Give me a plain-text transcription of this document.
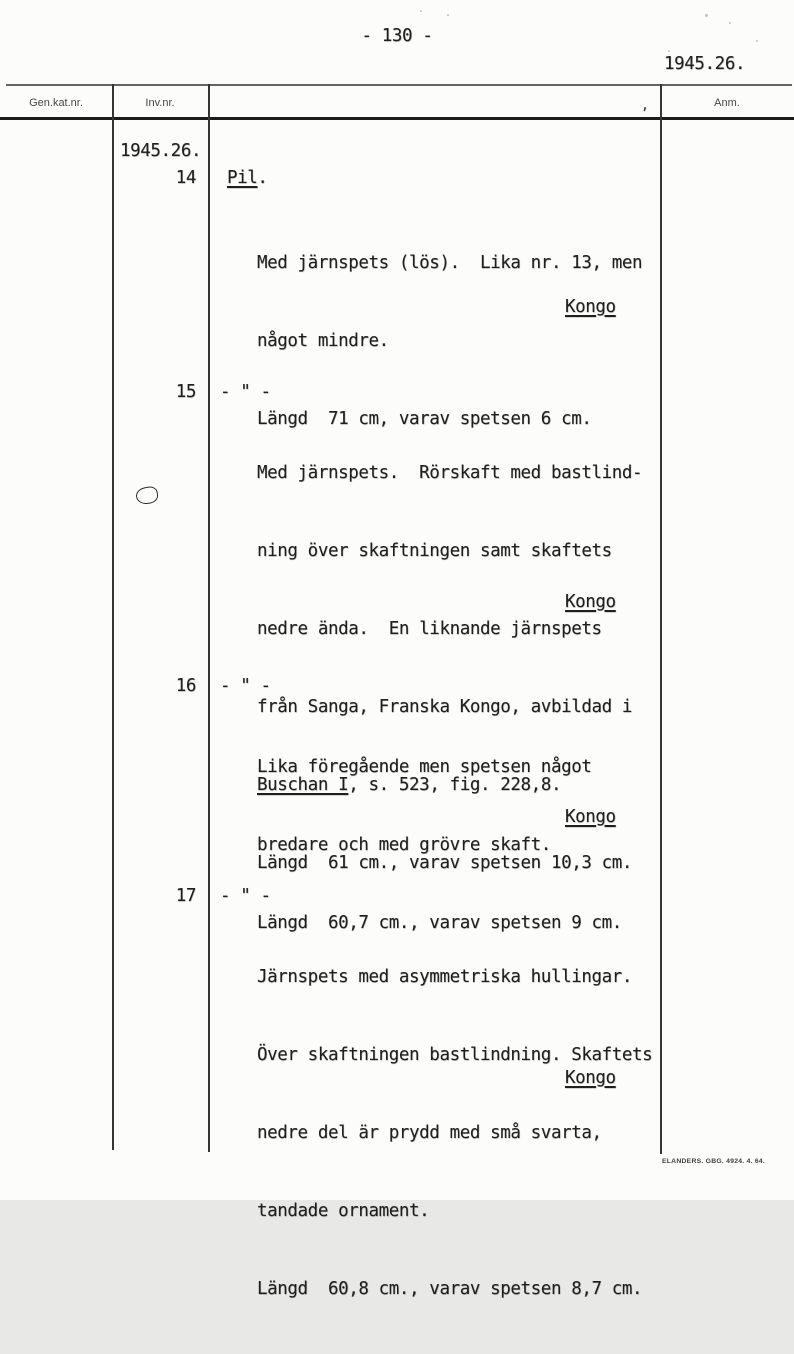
- 130 -
1945.26.
Gen.kat.nr.	Inv.nr.	Anm.
,
1945.26.
14 Pil.

Med järnspets (lös).  Lika nr. 13, men

något mindre.

Längd  71 cm, varav spetsen 6 cm.

Kongo
15 - " -

Med järnspets.  Rörskaft med bastlind-

ning över skaftningen samt skaftets

nedre ända.  En liknande järnspets

från Sanga, Franska Kongo, avbildad i

Buschan I, s. 523, fig. 228,8.

Längd  61 cm., varav spetsen 10,3 cm.

Kongo
16 - " -

Lika föregående men spetsen något

bredare och med grövre skaft.

Längd  60,7 cm., varav spetsen 9 cm.

Kongo
17 - " -

Järnspets med asymmetriska hullingar.

Över skaftningen bastlindning. Skaftets

nedre del är prydd med små svarta,

tandade ornament.

Längd  60,8 cm., varav spetsen 8,7 cm.

Kongo
ELANDERS. GBG. 4924. 4. 64.
